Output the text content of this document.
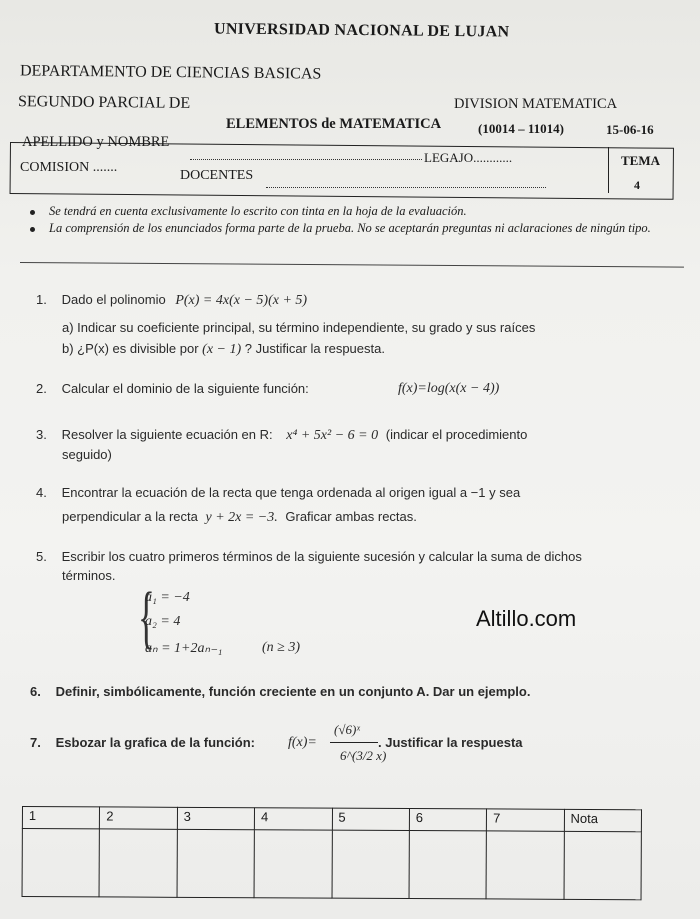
UNIVERSIDAD NACIONAL DE LUJAN
DEPARTAMENTO DE CIENCIAS BASICAS
DIVISION MATEMATICA
SEGUNDO PARCIAL DE
ELEMENTOS de MATEMATICA	(10014 – 11014)	15-06-16
TEMA
4
APELLIDO y NOMBRE
LEGAJO............
COMISION .......
DOCENTES
Se tendrá en cuenta exclusivamente lo escrito con tinta en la hoja de la evaluación.
La comprensión de los enunciados forma parte de la prueba. No se aceptarán preguntas ni aclaraciones de ningún tipo.
1. Dado el polinomio P(x) = 4x(x − 5)(x + 5)
a) Indicar su coeficiente principal, su término independiente, su grado y sus raíces
b) ¿P(x) es divisible por (x − 1) ? Justificar la respuesta.
2. Calcular el dominio de la siguiente función:	f(x)=log(x(x − 4))
3. Resolver la siguiente ecuación en R: x⁴ + 5x² − 6 = 0 (indicar el procedimiento
seguido)
4. Encontrar la ecuación de la recta que tenga ordenada al origen igual a −1 y sea
perpendicular a la recta y + 2x = −3. Graficar ambas rectas.
5. Escribir los cuatro primeros términos de la siguiente sucesión y calcular la suma de dichos
términos.
{
a₁ = −4
a₂ = 4
aₙ = 1+2aₙ₋₁	(n ≥ 3)
Altillo.com
6. Definir, simbólicamente, función creciente en un conjunto A. Dar un ejemplo.
7. Esbozar la grafica de la función: f(x)=
(√6)ˣ
6^(3/2 x)
. Justificar la respuesta
1	2	3	4	5	6	7	Nota
